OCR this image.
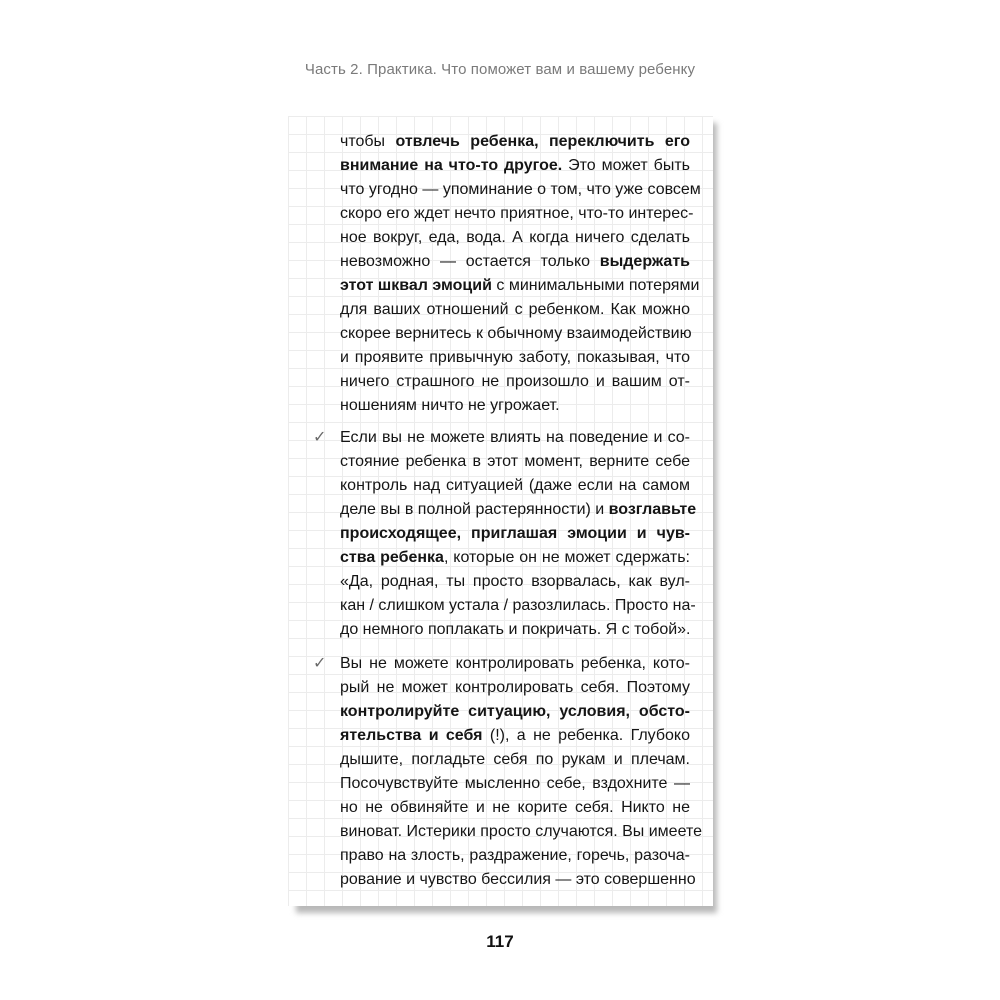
Часть 2. Практика. Что поможет вам и вашему ребенку
чтобы отвлечь ребенка, переключить его
внимание на что-то другое. Это может быть
что угодно — упоминание о том, что уже совсем
скоро его ждет нечто приятное, что-то интерес-
ное вокруг, еда, вода. А когда ничего сделать
невозможно — остается только выдержать
этот шквал эмоций с минимальными потерями
для ваших отношений с ребенком. Как можно
скорее вернитесь к обычному взаимодействию
и проявите привычную заботу, показывая, что
ничего страшного не произошло и вашим от-
ношениям ничто не угрожает.
✓ Если вы не можете влиять на поведение и со-
стояние ребенка в этот момент, верните себе
контроль над ситуацией (даже если на самом
деле вы в полной растерянности) и возглавьте
происходящее, приглашая эмоции и чув-
ства ребенка, которые он не может сдержать:
«Да, родная, ты просто взорвалась, как вул-
кан / слишком устала / разозлилась. Просто на-
до немного поплакать и покричать. Я с тобой».
✓ Вы не можете контролировать ребенка, кото-
рый не может контролировать себя. Поэтому
контролируйте ситуацию, условия, обсто-
ятельства и себя (!), а не ребенка. Глубоко
дышите, погладьте себя по рукам и плечам.
Посочувствуйте мысленно себе, вздохните —
но не обвиняйте и не корите себя. Никто не
виноват. Истерики просто случаются. Вы имеете
право на злость, раздражение, горечь, разоча-
рование и чувство бессилия — это совершенно
117
